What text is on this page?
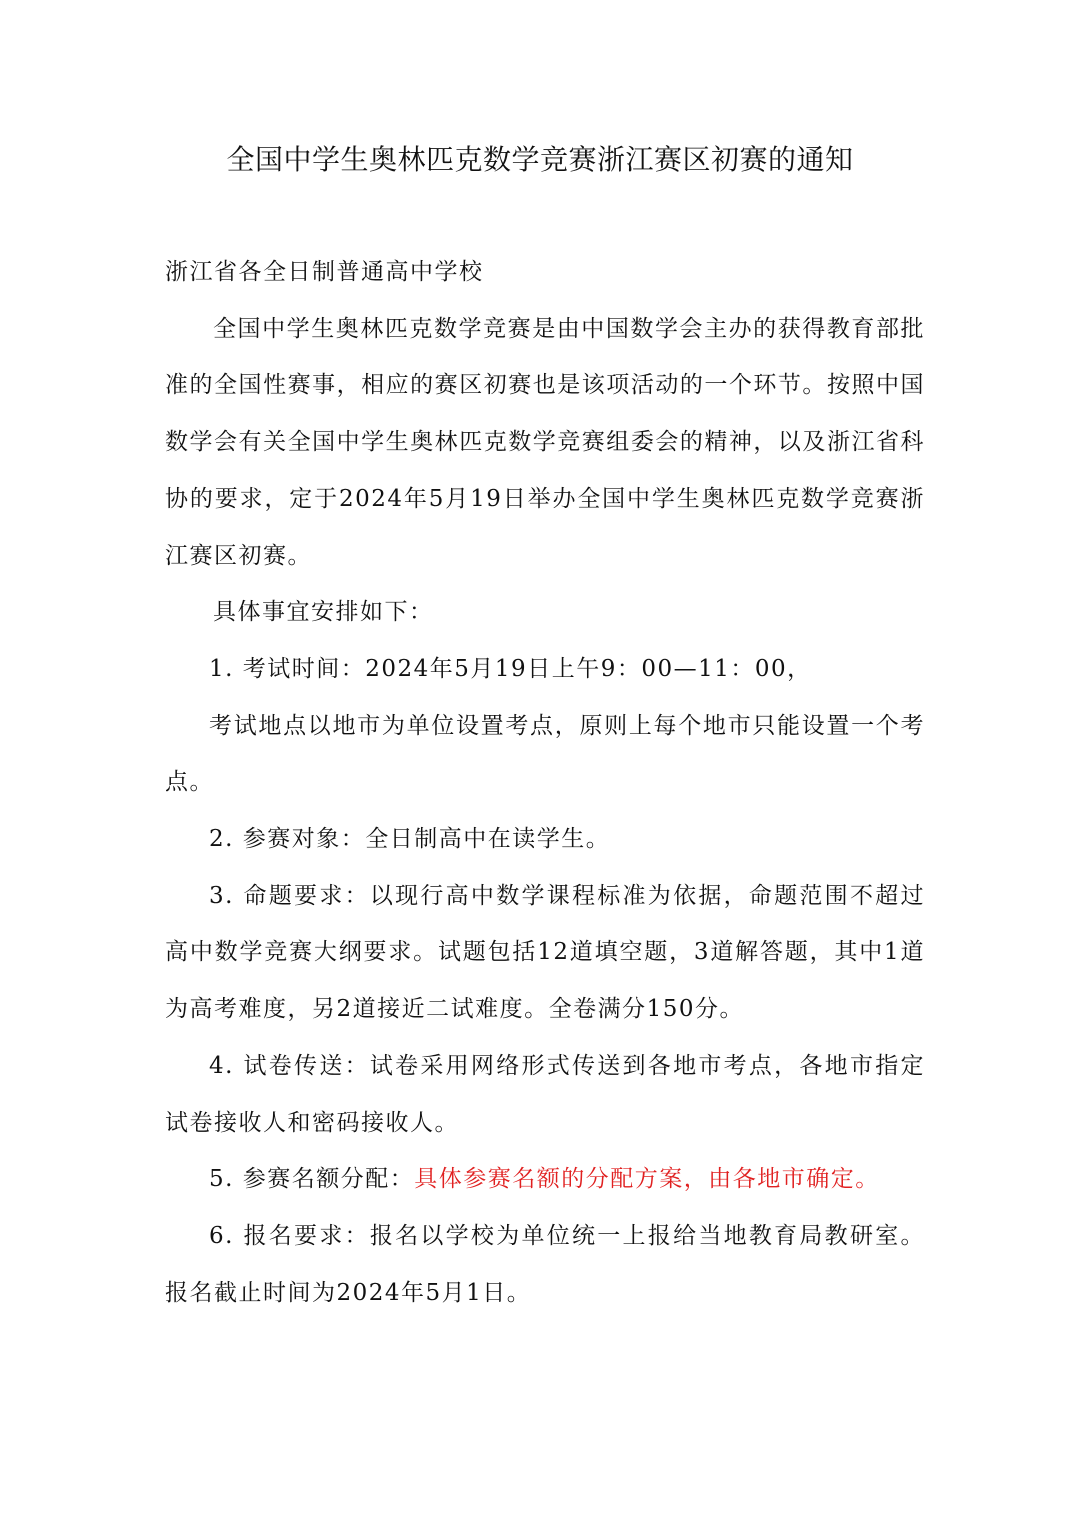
全国中学生奥林匹克数学竞赛浙江赛区初赛的通知

浙江省各全日制普通高中学校

全国中学生奥林匹克数学竞赛是由中国数学会主办的获得教育部批准的全国性赛事，相应的赛区初赛也是该项活动的一个环节。按照中国数学会有关全国中学生奥林匹克数学竞赛组委会的精神，以及浙江省科协的要求，定于2024年5月19日举办全国中学生奥林匹克数学竞赛浙江赛区初赛。

具体事宜安排如下：

1. 考试时间：2024年5月19日上午9：00—11：00，

考试地点以地市为单位设置考点，原则上每个地市只能设置一个考点。

2. 参赛对象：全日制高中在读学生。

3. 命题要求：以现行高中数学课程标准为依据，命题范围不超过高中数学竞赛大纲要求。试题包括12道填空题，3道解答题，其中1道为高考难度，另2道接近二试难度。全卷满分150分。

4. 试卷传送：试卷采用网络形式传送到各地市考点，各地市指定试卷接收人和密码接收人。

5. 参赛名额分配：具体参赛名额的分配方案，由各地市确定。

6. 报名要求：报名以学校为单位统一上报给当地教育局教研室。报名截止时间为2024年5月1日。
